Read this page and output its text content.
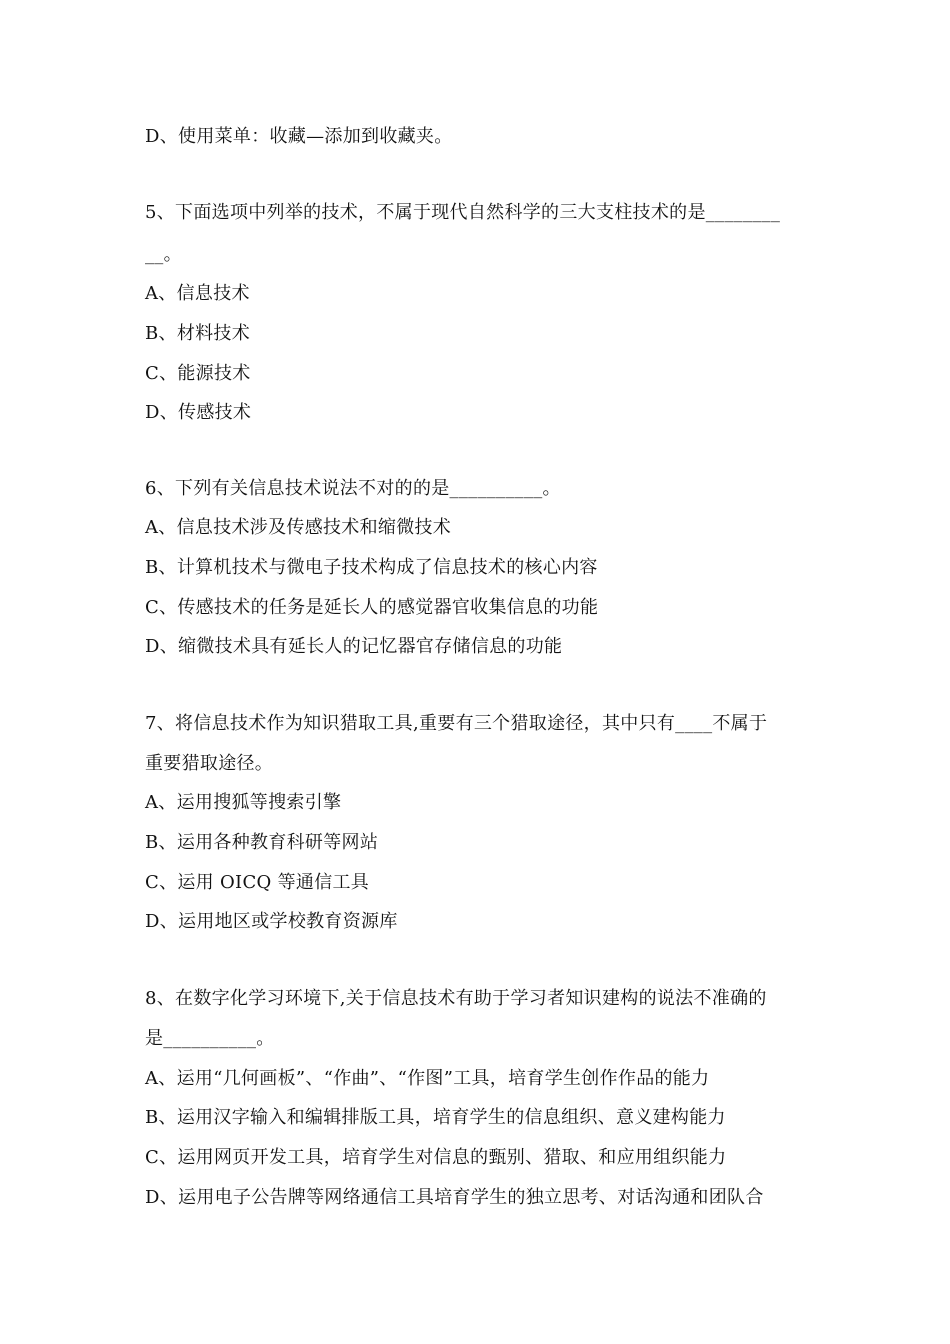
D、使用菜单：收藏—添加到收藏夹。
5、下面选项中列举的技术，不属于现代自然科学的三大支柱技术的是________
__。
A、信息技术
B、材料技术
C、能源技术
D、传感技术
6、下列有关信息技术说法不对的的是__________。
A、信息技术涉及传感技术和缩微技术
B、计算机技术与微电子技术构成了信息技术的核心内容
C、传感技术的任务是延长人的感觉器官收集信息的功能
D、缩微技术具有延长人的记忆器官存储信息的功能
7、将信息技术作为知识猎取工具,重要有三个猎取途径，其中只有____不属于
重要猎取途径。
A、运用搜狐等搜索引擎
B、运用各种教育科研等网站
C、运用 OICQ 等通信工具
D、运用地区或学校教育资源库
8、在数字化学习环境下,关于信息技术有助于学习者知识建构的说法不准确的
是__________。
A、运用“几何画板”、“作曲”、“作图”工具，培育学生创作作品的能力
B、运用汉字输入和编辑排版工具，培育学生的信息组织、意义建构能力
C、运用网页开发工具，培育学生对信息的甄别、猎取、和应用组织能力
D、运用电子公告牌等网络通信工具培育学生的独立思考、对话沟通和团队合
